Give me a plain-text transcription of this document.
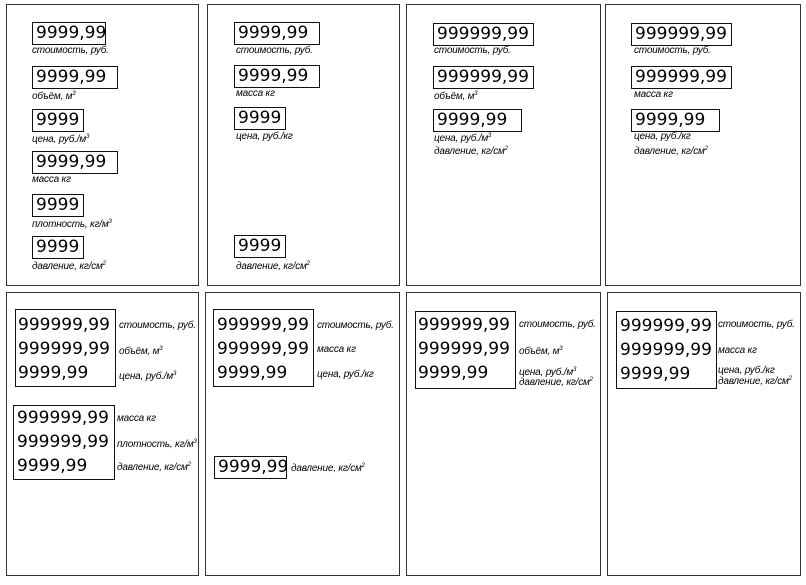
9999,99
стоимость, руб.
9999,99
объём, $м^3$
9999
цена, $руб./м^3$
9999,99
масса кг
9999
плотность, $кг/м^3$
9999
давление, $кг/см^2$
9999,99
стоимость, руб.
9999,99
масса кг
9999
цена, руб./кг
9999
давление, $кг/см^2$
999999,99
стоимость, руб.
999999,99
объём, $м^3$
9999,99
цена, $руб./м^3$
давление, $кг/см^2$
999999,99
стоимость, руб.
999999,99
масса кг
9999,99
цена, руб./кг
давление, $кг/см^2$
999999,99
999999,99
9999,99
стоимость, руб.
объём, $м^3$
цена, $руб./м^3$
999999,99
999999,99
9999,99
масса кг
плотность, $кг/м^3$
давление, $кг/см^2$
999999,99
999999,99
9999,99
стоимость, руб.
масса кг
цена, руб./кг
9999,99 давление, $кг/см^2$
999999,99
999999,99
9999,99
стоимость, руб.
объём, $м^3$
цена, $руб./м^3$
давление, $кг/см^2$
999999,99
999999,99
9999,99
стоимость, руб.
масса кг
цена, руб./кг
давление, $кг/см^2$
